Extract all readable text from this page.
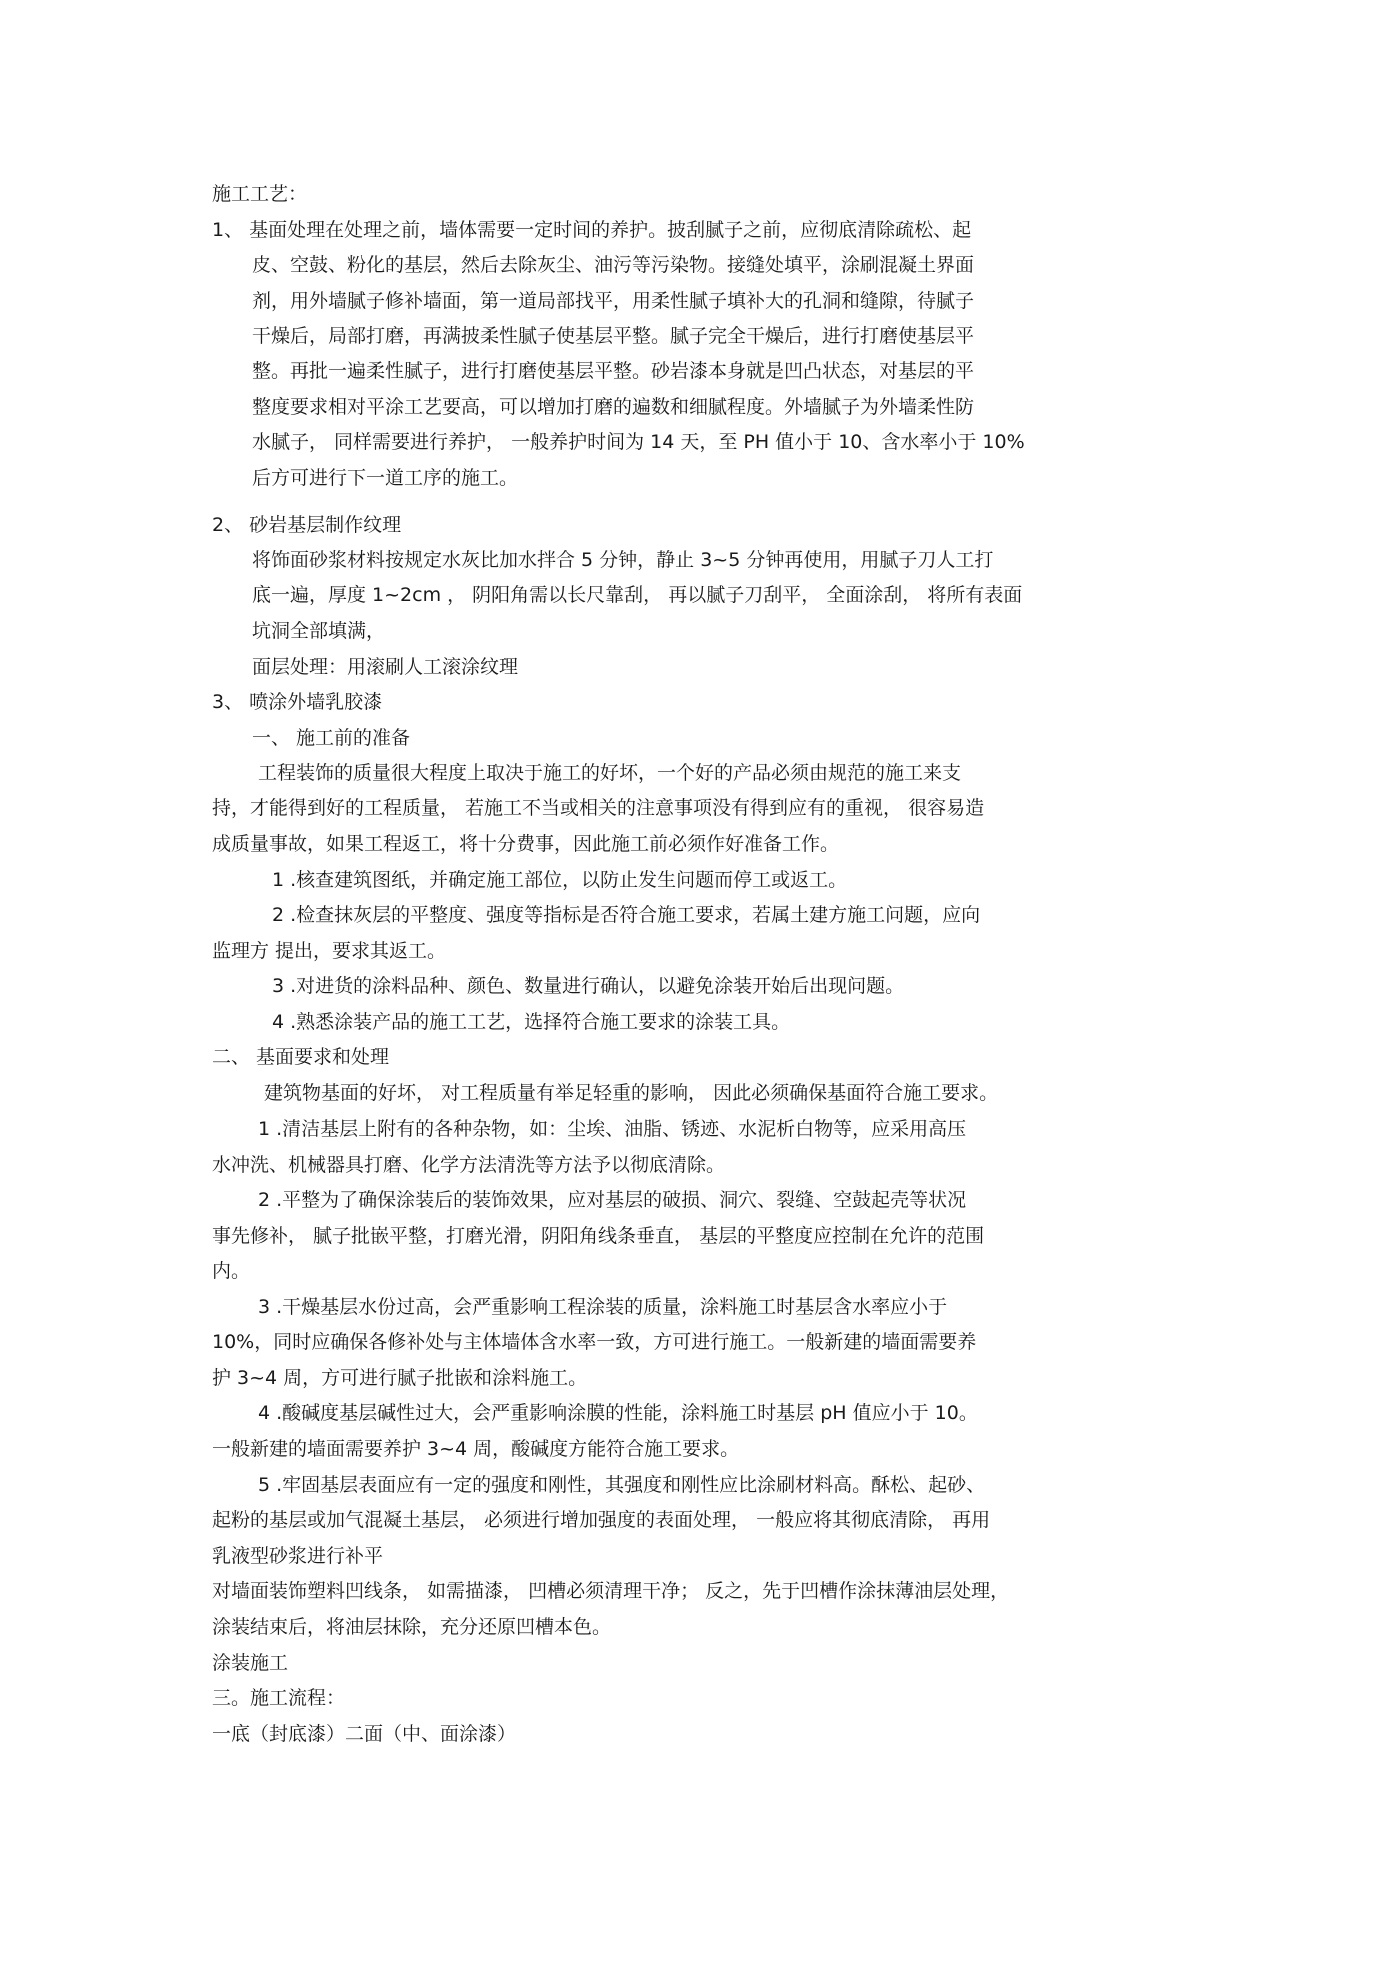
施工工艺：
1、 基面处理在处理之前，墙体需要一定时间的养护。披刮腻子之前，应彻底清除疏松、起
皮、空鼓、粉化的基层，然后去除灰尘、油污等污染物。接缝处填平，涂刷混凝土界面
剂，用外墙腻子修补墙面，第一道局部找平，用柔性腻子填补大的孔洞和缝隙，待腻子
干燥后，局部打磨，再满披柔性腻子使基层平整。腻子完全干燥后，进行打磨使基层平
整。再批一遍柔性腻子，进行打磨使基层平整。砂岩漆本身就是凹凸状态，对基层的平
整度要求相对平涂工艺要高，可以增加打磨的遍数和细腻程度。外墙腻子为外墙柔性防
水腻子， 同样需要进行养护， 一般养护时间为 14 天，至 PH 值小于 10、含水率小于 10%
后方可进行下一道工序的施工。
2、 砂岩基层制作纹理
将饰面砂浆材料按规定水灰比加水拌合 5 分钟，静止 3~5 分钟再使用，用腻子刀人工打
底一遍，厚度 1~2cm ， 阴阳角需以长尺靠刮， 再以腻子刀刮平， 全面涂刮， 将所有表面
坑洞全部填满，
面层处理：用滚刷人工滚涂纹理
3、 喷涂外墙乳胶漆
一、 施工前的准备
工程装饰的质量很大程度上取决于施工的好坏，一个好的产品必须由规范的施工来支
持，才能得到好的工程质量， 若施工不当或相关的注意事项没有得到应有的重视， 很容易造
成质量事故，如果工程返工，将十分费事，因此施工前必须作好准备工作。
1 .核查建筑图纸，并确定施工部位，以防止发生问题而停工或返工。
2 .检查抹灰层的平整度、强度等指标是否符合施工要求，若属土建方施工问题，应向
监理方 提出，要求其返工。
3 .对进货的涂料品种、颜色、数量进行确认，以避免涂装开始后出现问题。
4 .熟悉涂装产品的施工工艺，选择符合施工要求的涂装工具。
二、 基面要求和处理
建筑物基面的好坏， 对工程质量有举足轻重的影响， 因此必须确保基面符合施工要求。
1 .清洁基层上附有的各种杂物，如：尘埃、油脂、锈迹、水泥析白物等，应采用高压
水冲洗、机械器具打磨、化学方法清洗等方法予以彻底清除。
2 .平整为了确保涂装后的装饰效果，应对基层的破损、洞穴、裂缝、空鼓起壳等状况
事先修补， 腻子批嵌平整，打磨光滑，阴阳角线条垂直， 基层的平整度应控制在允许的范围
内。
3 .干燥基层水份过高，会严重影响工程涂装的质量，涂料施工时基层含水率应小于
10%，同时应确保各修补处与主体墙体含水率一致，方可进行施工。一般新建的墙面需要养
护 3~4 周，方可进行腻子批嵌和涂料施工。
4 .酸碱度基层碱性过大，会严重影响涂膜的性能，涂料施工时基层 pH 值应小于 10。
一般新建的墙面需要养护 3~4 周，酸碱度方能符合施工要求。
5 .牢固基层表面应有一定的强度和刚性，其强度和刚性应比涂刷材料高。酥松、起砂、
起粉的基层或加气混凝土基层， 必须进行增加强度的表面处理， 一般应将其彻底清除， 再用
乳液型砂浆进行补平
对墙面装饰塑料凹线条， 如需描漆， 凹槽必须清理干净； 反之，先于凹槽作涂抹薄油层处理，
涂装结束后，将油层抹除，充分还原凹槽本色。
涂装施工
三。施工流程：
一底（封底漆）二面（中、面涂漆）
